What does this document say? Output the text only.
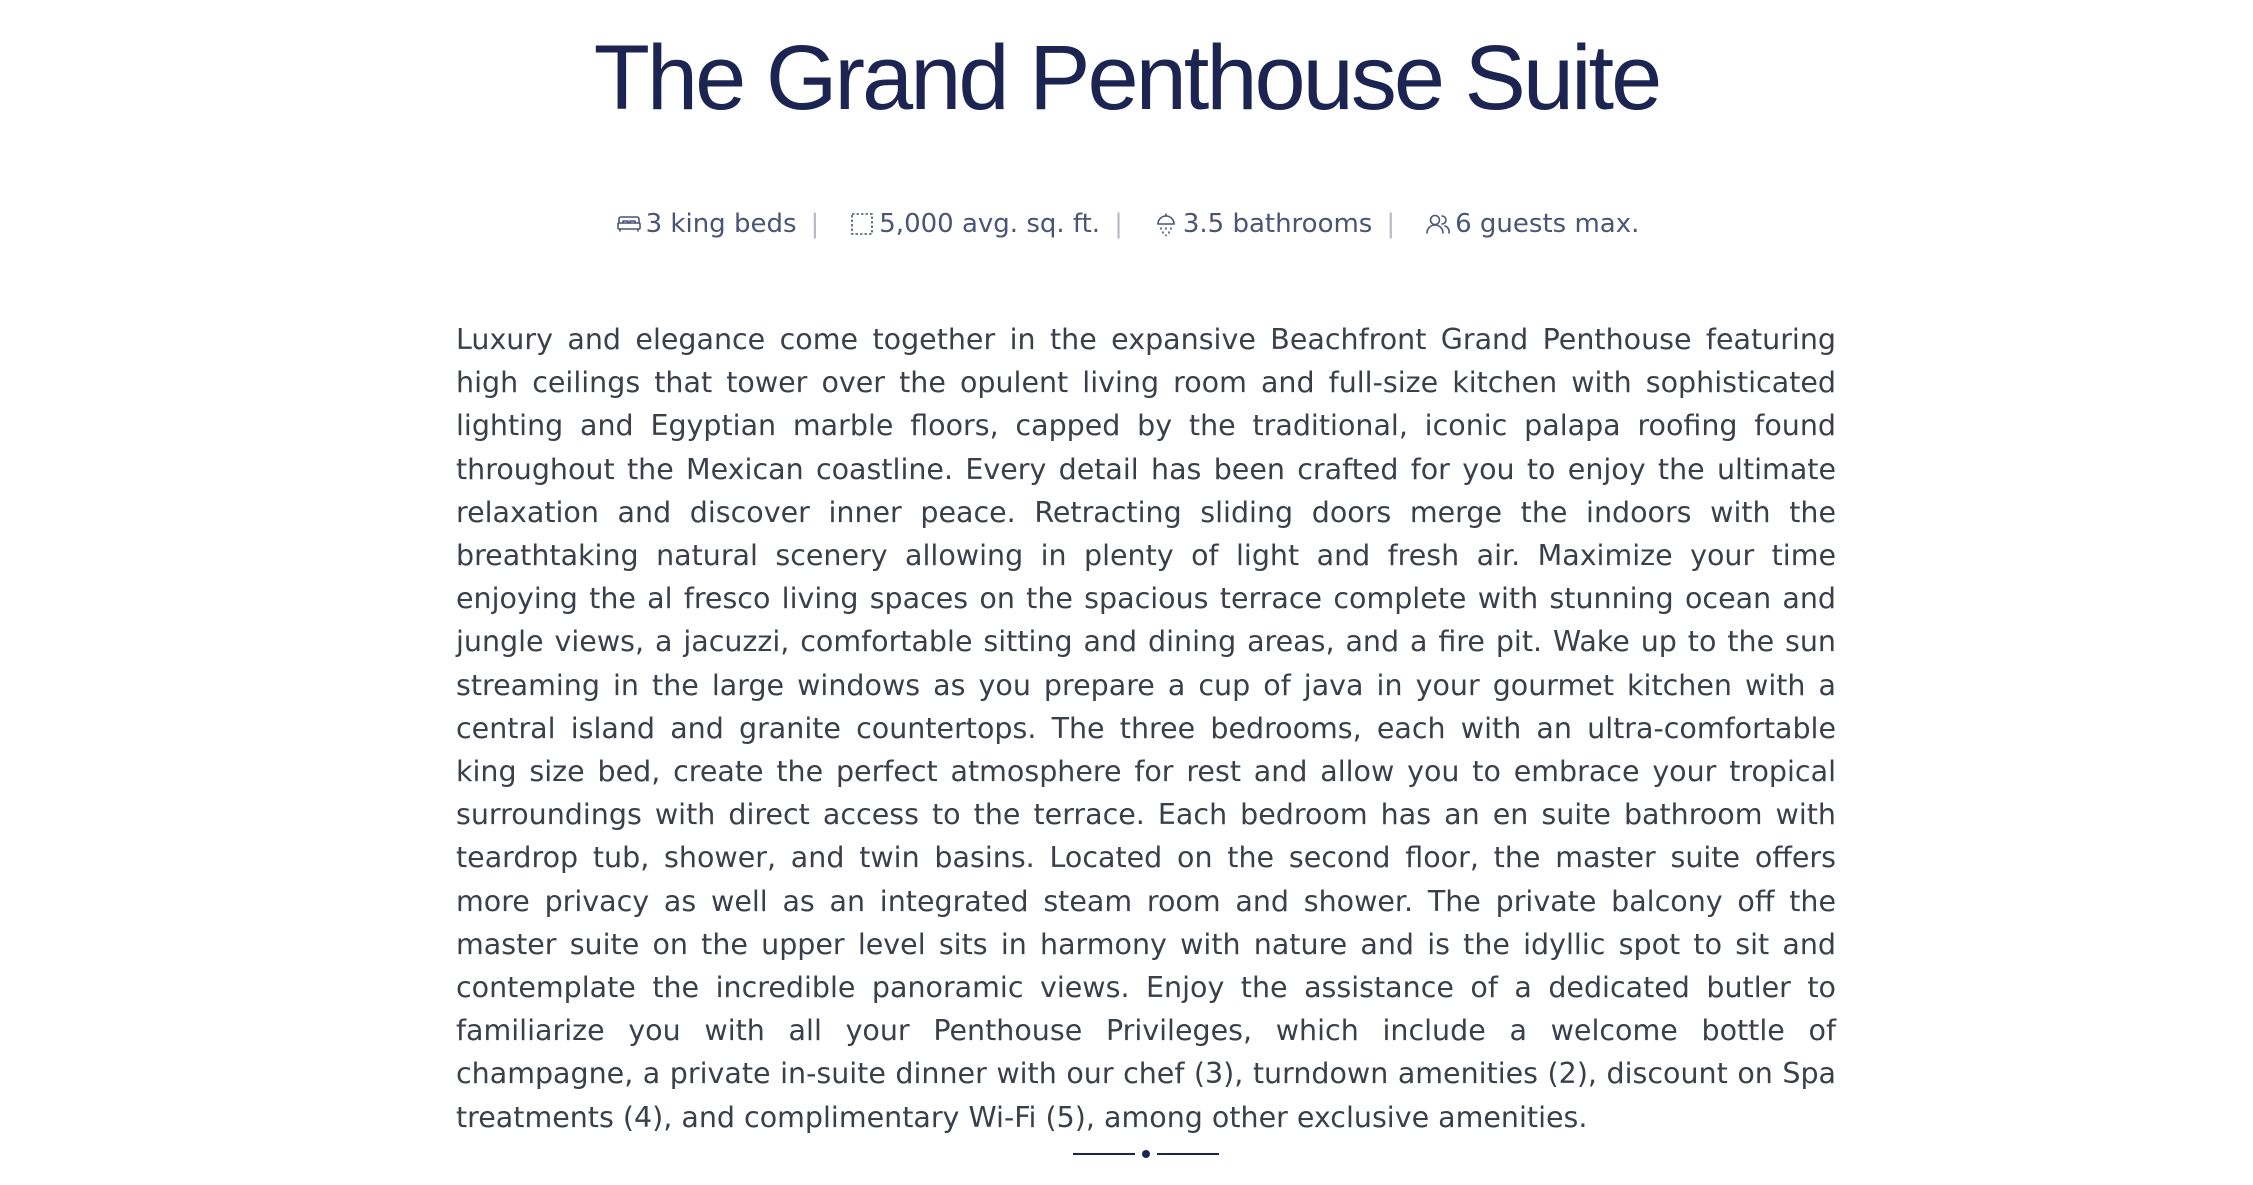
The Grand Penthouse Suite
3 king beds | 5,000 avg. sq. ft. | 3.5 bathrooms | 6 guests max.

Luxury and elegance come together in the expansive Beachfront Grand Penthouse featuring high ceilings that tower over the opulent living room and full-size kitchen with sophisticated lighting and Egyptian marble floors, capped by the traditional, iconic palapa roofing found throughout the Mexican coastline. Every detail has been crafted for you to enjoy the ultimate relaxation and discover inner peace. Retracting sliding doors merge the indoors with the breathtaking natural scenery allowing in plenty of light and fresh air. Maximize your time enjoying the al fresco living spaces on the spacious terrace complete with stunning ocean and jungle views, a jacuzzi, comfortable sitting and dining areas, and a fire pit. Wake up to the sun streaming in the large windows as you prepare a cup of java in your gourmet kitchen with a central island and granite countertops. The three bedrooms, each with an ultra-comfortable king size bed, create the perfect atmosphere for rest and allow you to embrace your tropical surroundings with direct access to the terrace. Each bedroom has an en suite bathroom with teardrop tub, shower, and twin basins. Located on the second floor, the master suite offers more privacy as well as an integrated steam room and shower. The private balcony off the master suite on the upper level sits in harmony with nature and is the idyllic spot to sit and contemplate the incredible panoramic views. Enjoy the assistance of a dedicated butler to familiarize you with all your Penthouse Privileges, which include a welcome bottle of champagne, a private in-suite dinner with our chef (3), turndown amenities (2), discount on Spa treatments (4), and complimentary Wi-Fi (5), among other exclusive amenities.
